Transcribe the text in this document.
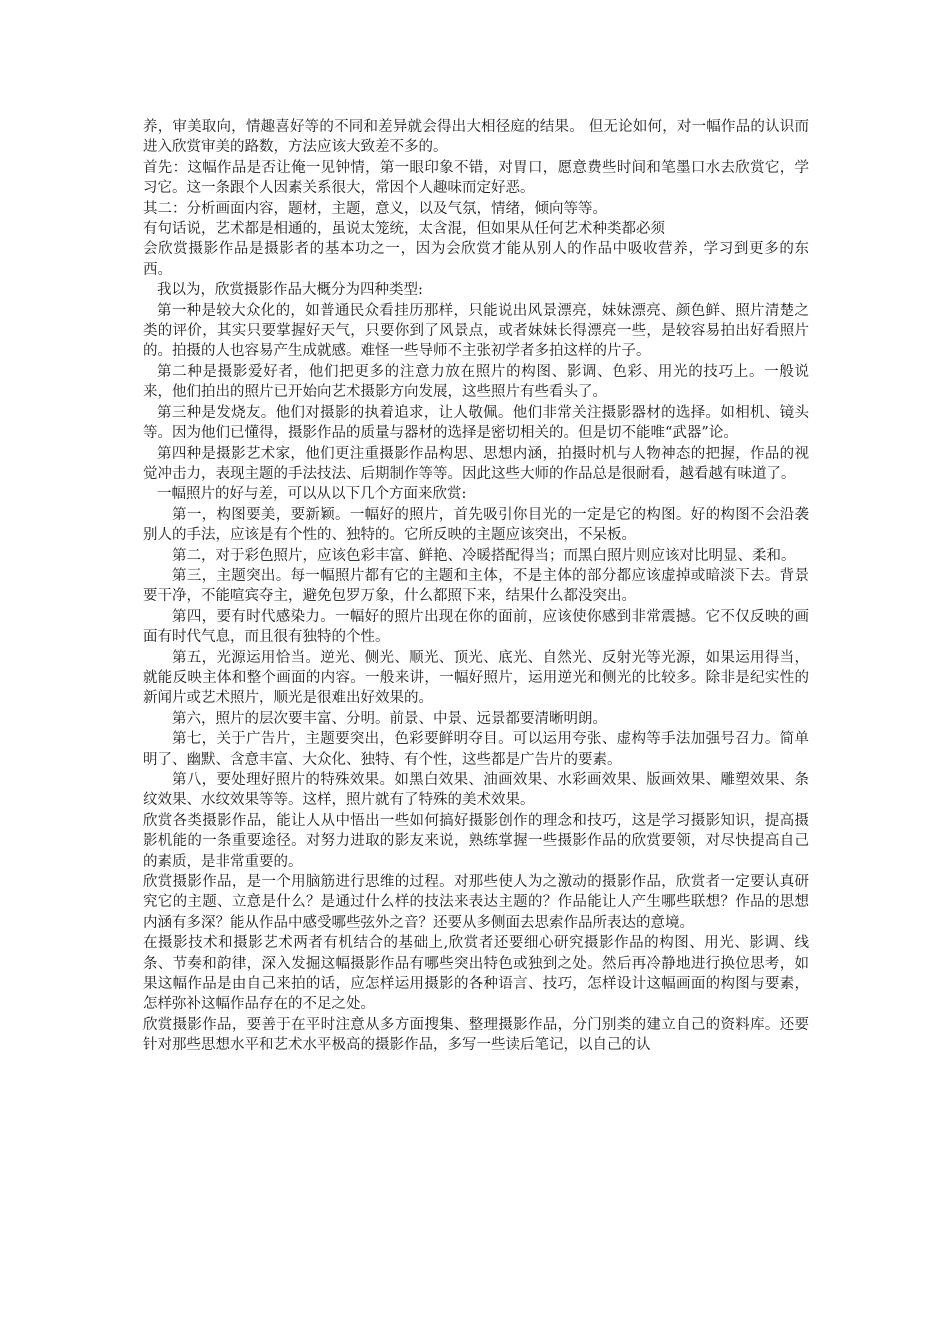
养，审美取向，情趣喜好等的不同和差异就会得出大相径庭的结果。 但无论如何，对一幅作品的认识而进入欣赏审美的路数，方法应该大致差不多的。

首先：这幅作品是否让俺一见钟情，第一眼印象不错，对胃口，愿意费些时间和笔墨口水去欣赏它，学习它。这一条跟个人因素关系很大，常因个人趣味而定好恶。

其二：分析画面内容，题材，主题，意义，以及气氛，情绪，倾向等等。

有句话说，艺术都是相通的，虽说太笼统，太含混，但如果从任何艺术种类都必须

会欣赏摄影作品是摄影者的基本功之一，因为会欣赏才能从别人的作品中吸收营养，学习到更多的东西。

我以为，欣赏摄影作品大概分为四种类型:

第一种是较大众化的，如普通民众看挂历那样，只能说出风景漂亮，妹妹漂亮、颜色鲜、照片清楚之类的评价，其实只要掌握好天气，只要你到了风景点，或者妹妹长得漂亮一些，是较容易拍出好看照片的。拍摄的人也容易产生成就感。难怪一些导师不主张初学者多拍这样的片子。

第二种是摄影爱好者，他们把更多的注意力放在照片的构图、影调、色彩、用光的技巧上。一般说来，他们拍出的照片已开始向艺术摄影方向发展，这些照片有些看头了。

第三种是发烧友。他们对摄影的执着追求，让人敬佩。他们非常关注摄影器材的选择。如相机、镜头等。因为他们已懂得，摄影作品的质量与器材的选择是密切相关的。但是切不能唯“武器”论。

第四种是摄影艺术家，他们更注重摄影作品构思、思想内涵，拍摄时机与人物神态的把握，作品的视觉冲击力，表现主题的手法技法、后期制作等等。因此这些大师的作品总是很耐看，越看越有味道了。

一幅照片的好与差，可以从以下几个方面来欣赏:

第一，构图要美，要新颖。一幅好的照片，首先吸引你目光的一定是它的构图。好的构图不会沿袭别人的手法，应该是有个性的、独特的。它所反映的主题应该突出，不呆板。

第二，对于彩色照片，应该色彩丰富、鲜艳、冷暖搭配得当；而黑白照片则应该对比明显、柔和。

第三，主题突出。每一幅照片都有它的主题和主体，不是主体的部分都应该虚掉或暗淡下去。背景要干净，不能喧宾夺主，避免包罗万象，什么都照下来，结果什么都没突出。

第四，要有时代感染力。一幅好的照片出现在你的面前，应该使你感到非常震撼。它不仅反映的画面有时代气息，而且很有独特的个性。

第五，光源运用恰当。逆光、侧光、顺光、顶光、底光、自然光、反射光等光源，如果运用得当，就能反映主体和整个画面的内容。一般来讲，一幅好照片，运用逆光和侧光的比较多。除非是纪实性的新闻片或艺术照片，顺光是很难出好效果的。

第六，照片的层次要丰富、分明。前景、中景、远景都要清晰明朗。

第七，关于广告片，主题要突出，色彩要鲜明夺目。可以运用夸张、虚构等手法加强号召力。简单明了、幽默、含意丰富、大众化、独特、有个性，这些都是广告片的要素。

第八，要处理好照片的特殊效果。如黑白效果、油画效果、水彩画效果、版画效果、雕塑效果、条纹效果、水纹效果等等。这样，照片就有了特殊的美术效果。

欣赏各类摄影作品，能让人从中悟出一些如何搞好摄影创作的理念和技巧，这是学习摄影知识，提高摄影机能的一条重要途径。对努力进取的影友来说，熟练掌握一些摄影作品的欣赏要领，对尽快提高自己的素质，是非常重要的。

欣赏摄影作品，是一个用脑筋进行思维的过程。对那些使人为之激动的摄影作品，欣赏者一定要认真研究它的主题、立意是什么？是通过什么样的技法来表达主题的？作品能让人产生哪些联想？作品的思想内涵有多深？能从作品中感受哪些弦外之音？还要从多侧面去思索作品所表达的意境。

在摄影技术和摄影艺术两者有机结合的基础上,欣赏者还要细心研究摄影作品的构图、用光、影调、线条、节奏和韵律，深入发掘这幅摄影作品有哪些突出特色或独到之处。然后再冷静地进行换位思考，如果这幅作品是由自己来拍的话，应怎样运用摄影的各种语言、技巧，怎样设计这幅画面的构图与要素，怎样弥补这幅作品存在的不足之处。

欣赏摄影作品，要善于在平时注意从多方面搜集、整理摄影作品，分门别类的建立自己的资料库。还要针对那些思想水平和艺术水平极高的摄影作品，多写一些读后笔记，以自己的认
